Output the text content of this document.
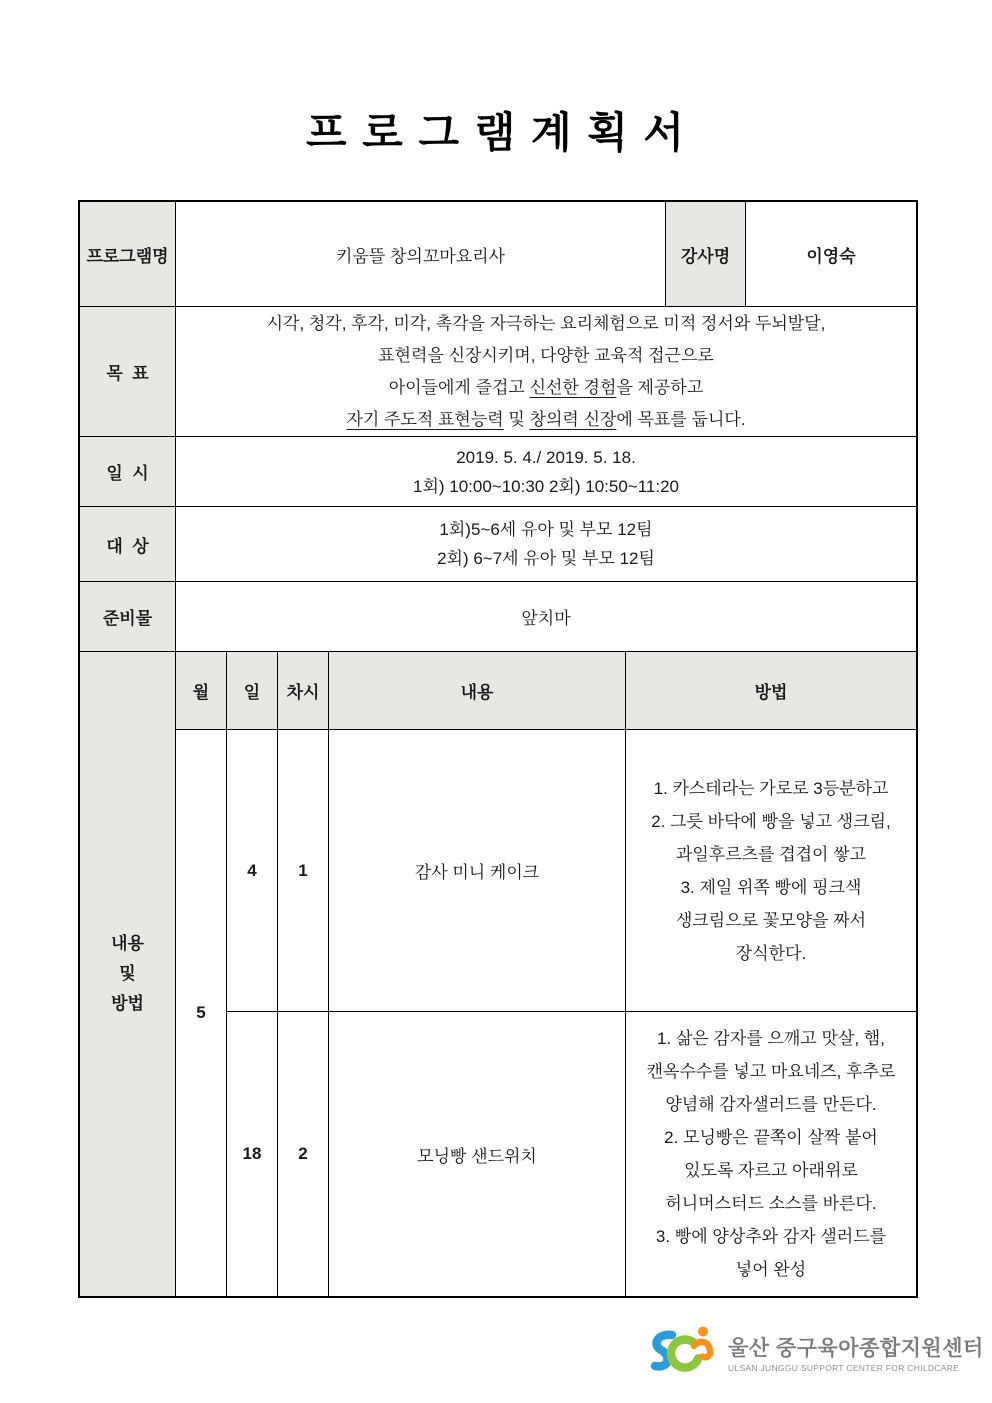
프 로 그 램 계 획 서
프로그램명	키움뜰 창의꼬마요리사	강사명	이영숙
목  표
시각, 청각, 후각, 미각, 촉각을 자극하는 요리체험으로 미적 정서와 두뇌발달,
표현력을 신장시키며, 다양한 교육적 접근으로
아이들에게 즐겁고 신선한 경험을 제공하고
자기 주도적 표현능력 및 창의력 신장에 목표를 둡니다.
일  시
2019. 5. 4./ 2019. 5. 18.
1회) 10:00~10:30 2회) 10:50~11:20
대  상
1회)5~6세 유아 및 부모 12팀
2회) 6~7세 유아 및 부모 12팀
준비물	앞치마
내용
및
방법
월	일	차시	내용	방법
5
4	1	감사 미니 케이크
1. 카스테라는 가로로 3등분하고
2. 그릇 바닥에 빵을 넣고 생크림,
과일후르츠를 겹겹이 쌓고
3. 제일 위쪽 빵에 핑크색
생크림으로 꽃모양을 짜서
장식한다.
18	2	모닝빵 샌드위치
1. 삶은 감자를 으깨고 맛살, 햄,
캔옥수수를 넣고 마요네즈, 후추로
양념해 감자샐러드를 만든다.
2. 모닝빵은 끝쪽이 살짝 붙어
있도록 자르고 아래위로
허니머스터드 소스를 바른다.
3. 빵에 양상추와 감자 샐러드를
넣어 완성
울산 중구육아종합지원센터
ULSAN JUNGGU SUPPORT CENTER FOR CHILDCARE
